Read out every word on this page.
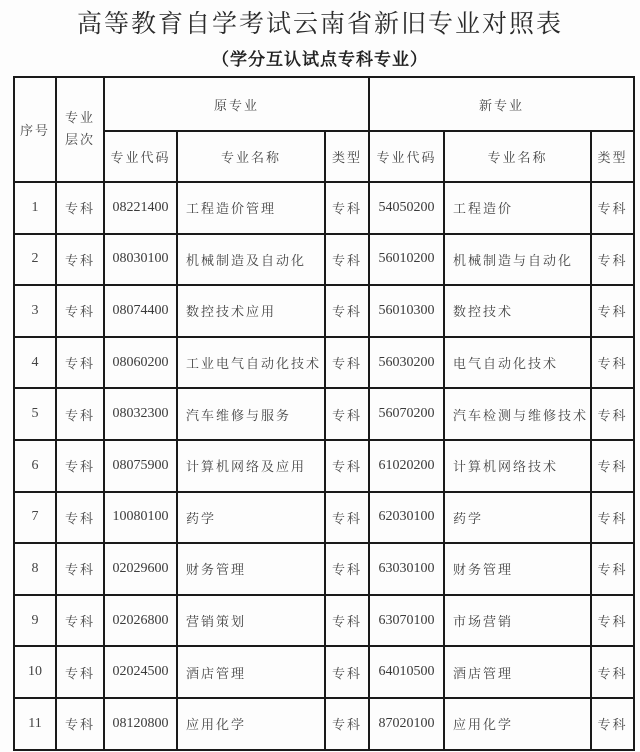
高等教育自学考试云南省新旧专业对照表
（学分互认试点专科专业）
序号	专业层次	原专业			新专业		
		专业代码	专业名称	类型	专业代码	专业名称	类型
1	专科	08221400	工程造价管理	专科	54050200	工程造价	专科
2	专科	08030100	机械制造及自动化	专科	56010200	机械制造与自动化	专科
3	专科	08074400	数控技术应用	专科	56010300	数控技术	专科
4	专科	08060200	工业电气自动化技术	专科	56030200	电气自动化技术	专科
5	专科	08032300	汽车维修与服务	专科	56070200	汽车检测与维修技术	专科
6	专科	08075900	计算机网络及应用	专科	61020200	计算机网络技术	专科
7	专科	10080100	药学	专科	62030100	药学	专科
8	专科	02029600	财务管理	专科	63030100	财务管理	专科
9	专科	02026800	营销策划	专科	63070100	市场营销	专科
10	专科	02024500	酒店管理	专科	64010500	酒店管理	专科
11	专科	08120800	应用化学	专科	87020100	应用化学	专科
